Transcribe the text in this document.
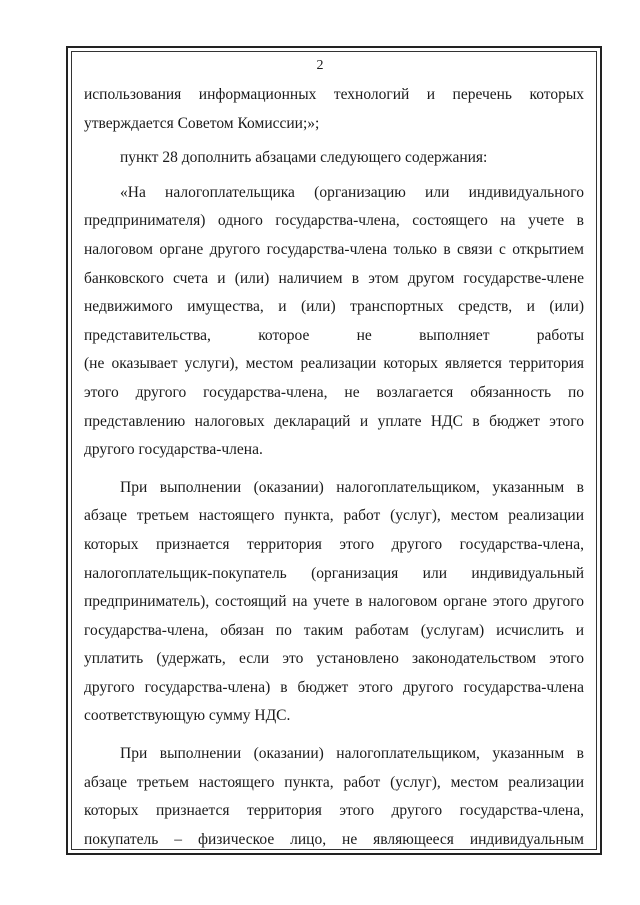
2

использования информационных технологий и перечень которых
утверждается Советом Комиссии;»;

пункт 28 дополнить абзацами следующего содержания:

«На налогоплательщика (организацию или индивидуального
предпринимателя) одного государства-члена, состоящего на учете в
налоговом органе другого государства-члена только в связи с открытием
банковского счета и (или) наличием в этом другом государстве-члене
недвижимого имущества, и (или) транспортных средств, и (или)
представительства, которое не выполняет работы
(не оказывает услуги), местом реализации которых является территория
этого другого государства-члена, не возлагается обязанность по
представлению налоговых деклараций и уплате НДС в бюджет этого
другого государства-члена.

При выполнении (оказании) налогоплательщиком, указанным в
абзаце третьем настоящего пункта, работ (услуг), местом реализации
которых признается территория этого другого государства-члена,
налогоплательщик-покупатель (организация или индивидуальный
предприниматель), состоящий на учете в налоговом органе этого другого
государства-члена, обязан по таким работам (услугам) исчислить и
уплатить (удержать, если это установлено законодательством этого
другого государства-члена) в бюджет этого другого государства-члена
соответствующую сумму НДС.

При выполнении (оказании) налогоплательщиком, указанным в
абзаце третьем настоящего пункта, работ (услуг), местом реализации
которых признается территория этого другого государства-члена,
покупатель – физическое лицо, не являющееся индивидуальным
